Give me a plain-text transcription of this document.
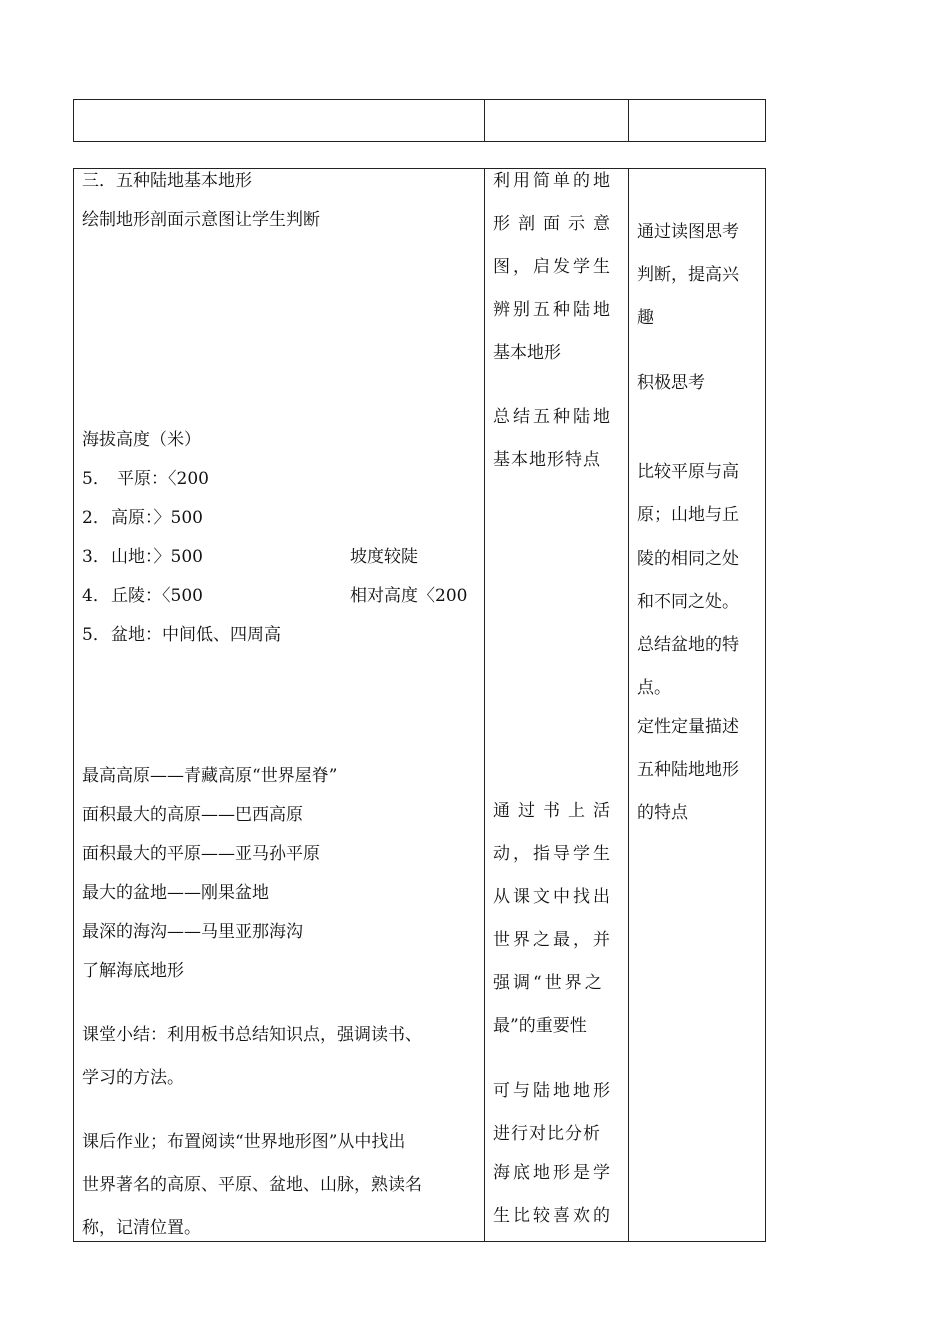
三．五种陆地基本地形
绘制地形剖面示意图让学生判断
海拔高度（米）
5． 平原：〈200
2． 高原：〉500
3． 山地：〉500
4． 丘陵：〈500
5． 盆地：中间低、四周高
坡度较陡
相对高度〈200
最高高原——青藏高原“世界屋脊”
面积最大的高原——巴西高原
面积最大的平原——亚马孙平原
最大的盆地——刚果盆地
最深的海沟——马里亚那海沟
了解海底地形
课堂小结：利用板书总结知识点，强调读书、
学习的方法。
课后作业；布置阅读“世界地形图”从中找出
世界著名的高原、平原、盆地、山脉，熟读名
称，记清位置。
利用简单的地
形剖面示意
图，启发学生
辨别五种陆地
基本地形
总结五种陆地
基本地形特点
通过书上活
动，指导学生
从课文中找出
世界之最，并
强调“世界之
最”的重要性
可与陆地地形
进行对比分析
海底地形是学
生比较喜欢的
通过读图思考
判断，提高兴
趣
积极思考
比较平原与高
原；山地与丘
陵的相同之处
和不同之处。
总结盆地的特
点。
定性定量描述
五种陆地地形
的特点
